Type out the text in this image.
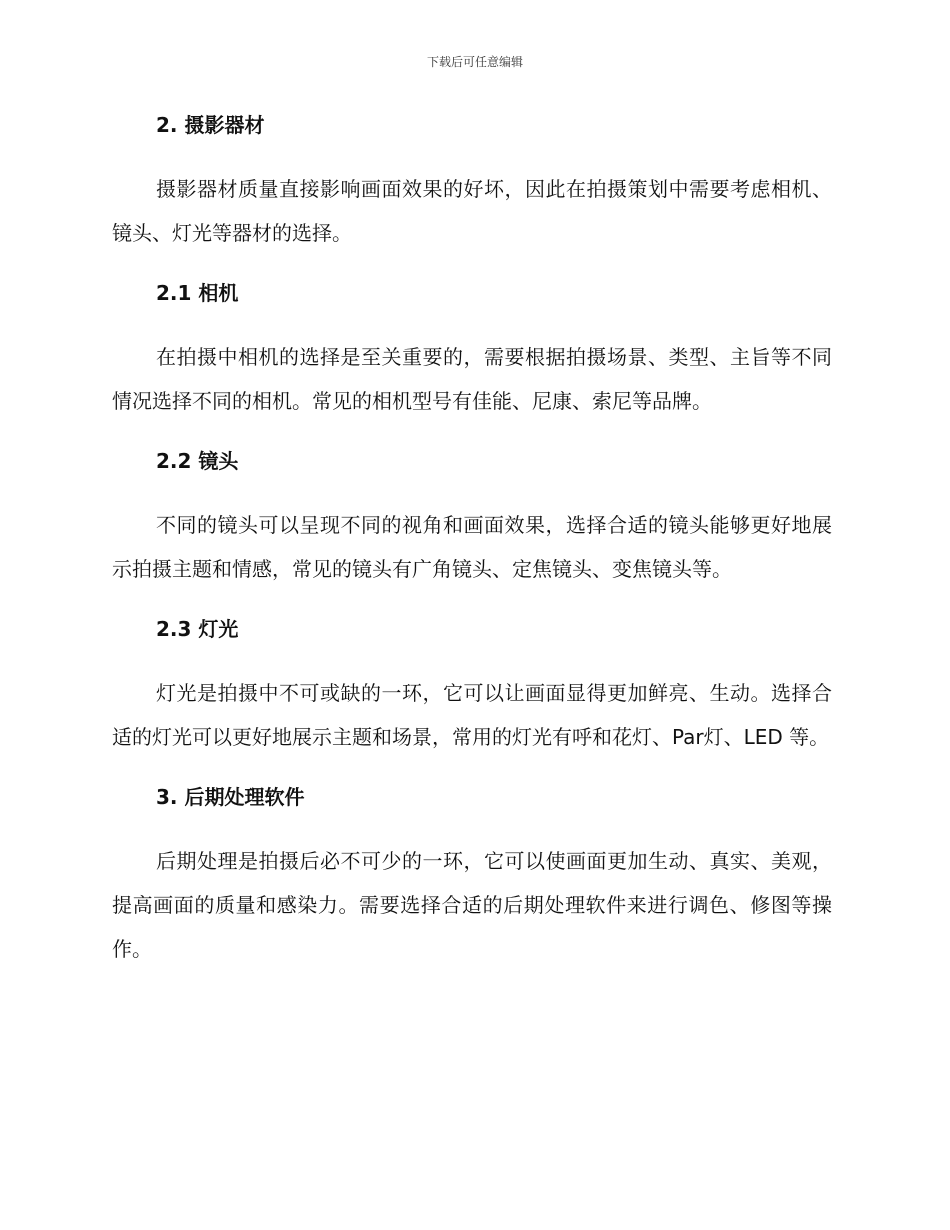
下载后可任意编辑
2. 摄影器材

摄影器材质量直接影响画面效果的好坏，因此在拍摄策划中需要考虑相机、镜头、灯光等器材的选择。

2.1 相机

在拍摄中相机的选择是至关重要的，需要根据拍摄场景、类型、主旨等不同情况选择不同的相机。常见的相机型号有佳能、尼康、索尼等品牌。

2.2 镜头

不同的镜头可以呈现不同的视角和画面效果，选择合适的镜头能够更好地展示拍摄主题和情感，常见的镜头有广角镜头、定焦镜头、变焦镜头等。

2.3 灯光

灯光是拍摄中不可或缺的一环，它可以让画面显得更加鲜亮、生动。选择合适的灯光可以更好地展示主题和场景，常用的灯光有呼和花灯、Par灯、LED 等。

3. 后期处理软件

后期处理是拍摄后必不可少的一环，它可以使画面更加生动、真实、美观，提高画面的质量和感染力。需要选择合适的后期处理软件来进行调色、修图等操作。
